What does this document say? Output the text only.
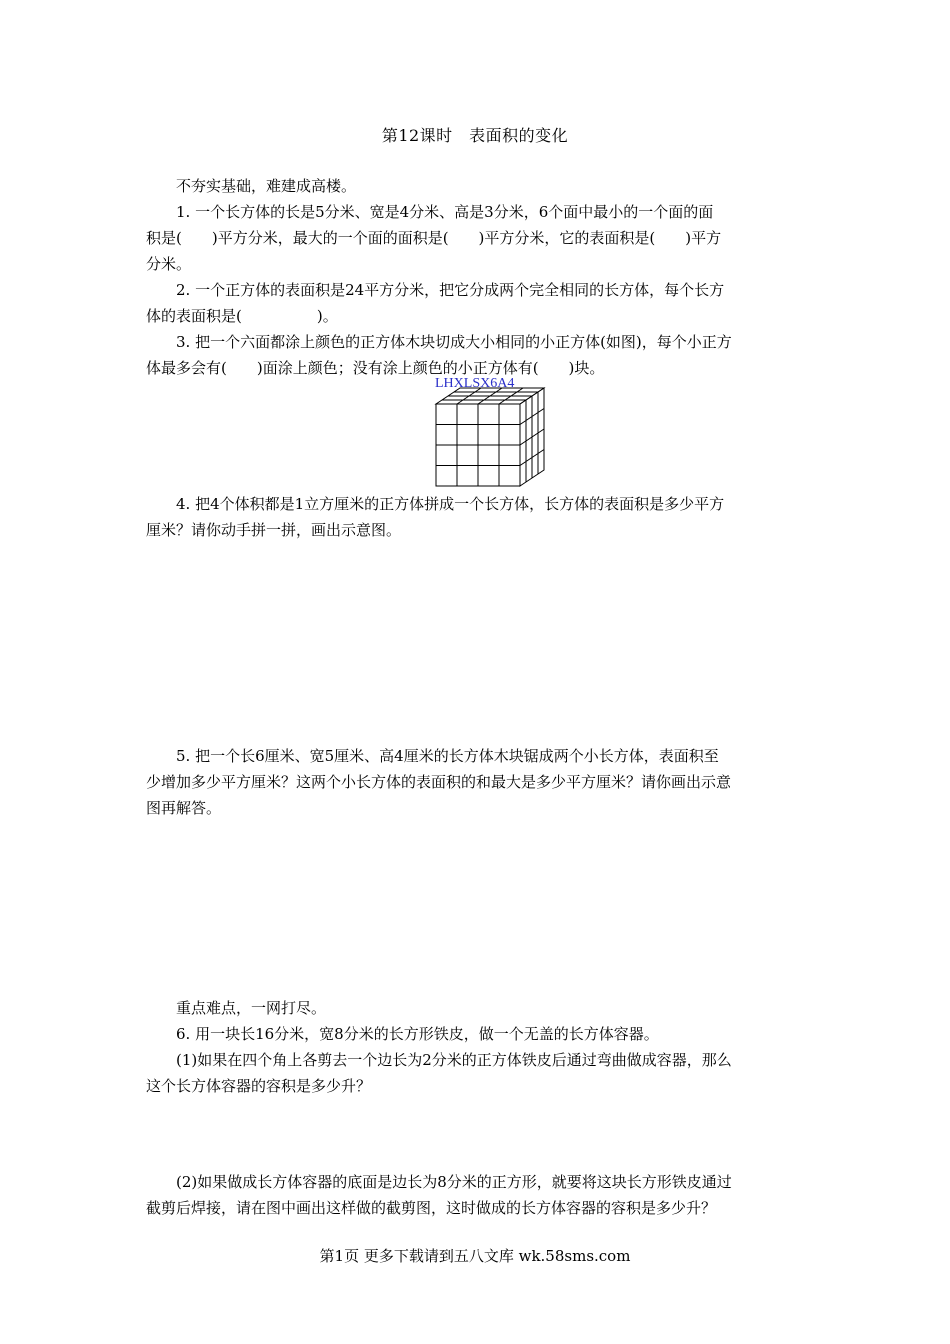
第12课时　表面积的变化
不夯实基础，难建成高楼。

1. 一个长方体的长是5分米、宽是4分米、高是3分米，6个面中最小的一个面的面

积是(　　)平方分米，最大的一个面的面积是(　　)平方分米，它的表面积是(　　)平方

分米。

2. 一个正方体的表面积是24平方分米，把它分成两个完全相同的长方体，每个长方

体的表面积是(　　　　　)。

3. 把一个六面都涂上颜色的正方体木块切成大小相同的小正方体(如图)，每个小正方

体最多会有(　　)面涂上颜色；没有涂上颜色的小正方体有(　　)块。

LHXLSX6A4

4. 把4个体积都是1立方厘米的正方体拼成一个长方体，长方体的表面积是多少平方

厘米？请你动手拼一拼，画出示意图。

5. 把一个长6厘米、宽5厘米、高4厘米的长方体木块锯成两个小长方体，表面积至

少增加多少平方厘米？这两个小长方体的表面积的和最大是多少平方厘米？请你画出示意

图再解答。

重点难点，一网打尽。

6. 用一块长16分米，宽8分米的长方形铁皮，做一个无盖的长方体容器。

(1)如果在四个角上各剪去一个边长为2分米的正方体铁皮后通过弯曲做成容器，那么

这个长方体容器的容积是多少升？

(2)如果做成长方体容器的底面是边长为8分米的正方形，就要将这块长方形铁皮通过

截剪后焊接，请在图中画出这样做的截剪图，这时做成的长方体容器的容积是多少升？

第1页 更多下载请到五八文库 wk.58sms.com
